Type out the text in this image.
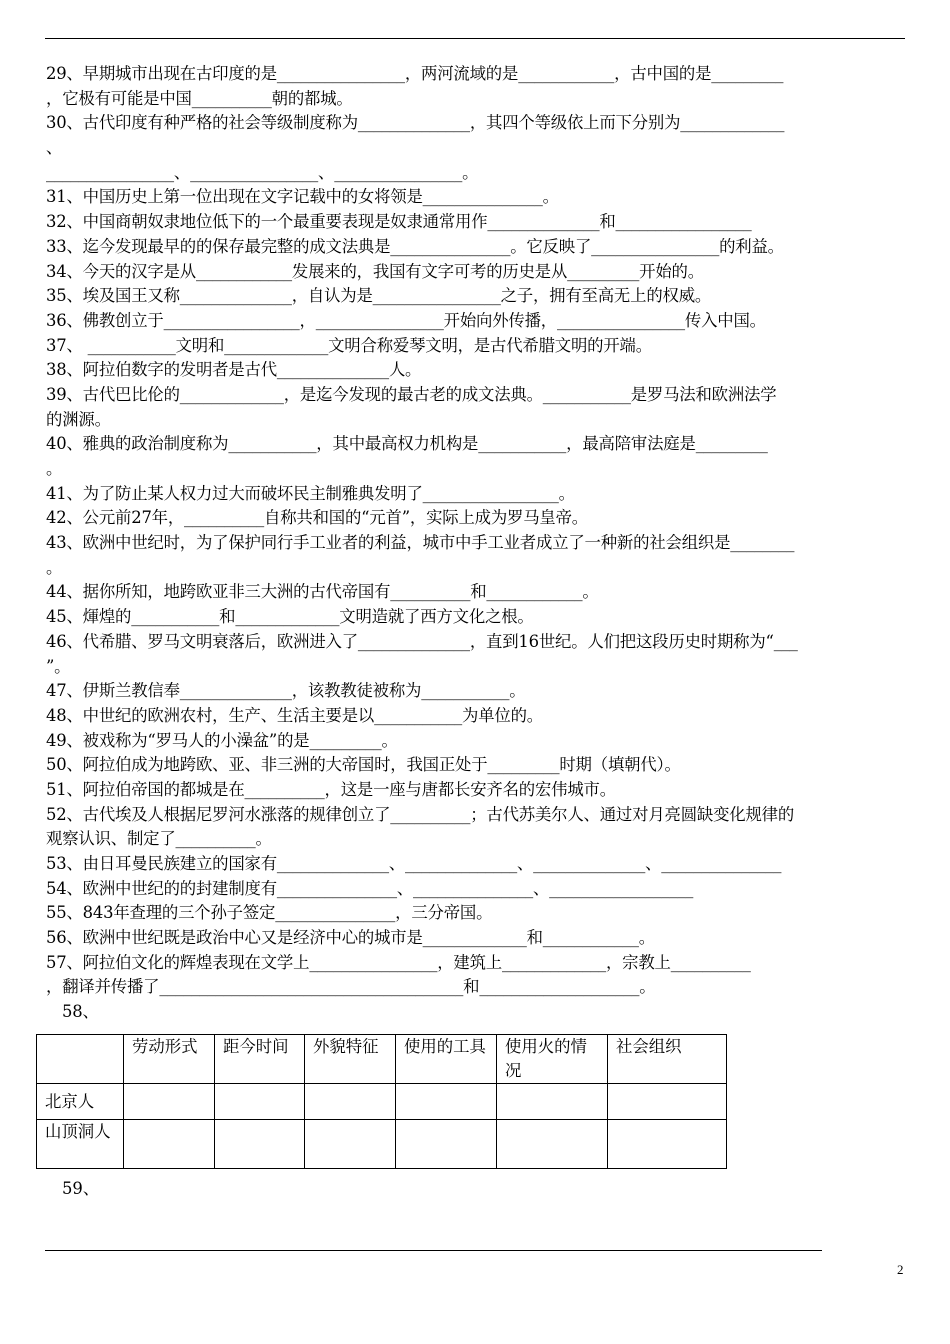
29、早期城市出现在古印度的是________________，两河流域的是____________，古中国的是_________
，它极有可能是中国__________朝的都城。
30、古代印度有种严格的社会等级制度称为______________，其四个等级依上而下分别为_____________
、
________________、________________、________________。
31、中国历史上第一位出现在文字记载中的女将领是_______________。
32、中国商朝奴隶地位低下的一个最重要表现是奴隶通常用作______________和_________________
33、迄今发现最早的的保存最完整的成文法典是_______________。它反映了________________的利益。
34、今天的汉字是从____________发展来的，我国有文字可考的历史是从_________开始的。
35、埃及国王又称______________，自认为是________________之子，拥有至高无上的权威。
36、佛教创立于_________________，________________开始向外传播，________________传入中国。
37、 ___________文明和_____________文明合称爱琴文明，是古代希腊文明的开端。
38、阿拉伯数字的发明者是古代______________人。
39、古代巴比伦的_____________，是迄今发现的最古老的成文法典。___________是罗马法和欧洲法学
的渊源。
40、雅典的政治制度称为___________，其中最高权力机构是___________，最高陪审法庭是_________
。
41、为了防止某人权力过大而破坏民主制雅典发明了_________________。
42、公元前27年，__________自称共和国的“元首”，实际上成为罗马皇帝。
43、欧洲中世纪时，为了保护同行手工业者的利益，城市中手工业者成立了一种新的社会组织是________
。
44、据你所知，地跨欧亚非三大洲的古代帝国有__________和____________。
45、煇煌的___________和_____________文明造就了西方文化之根。
46、代希腊、罗马文明衰落后，欧洲进入了______________，直到16世纪。人们把这段历史时期称为“___
”。
47、伊斯兰教信奉______________，该教教徒被称为___________。
48、中世纪的欧洲农村，生产、生活主要是以___________为单位的。
49、被戏称为“罗马人的小澡盆”的是_________。
50、阿拉伯成为地跨欧、亚、非三洲的大帝国时，我国正处于_________时期（填朝代）。
51、阿拉伯帝国的都城是在__________，这是一座与唐都长安齐名的宏伟城市。
52、古代埃及人根据尼罗河水涨落的规律创立了__________；古代苏美尔人、通过对月亮圆缺变化规律的
观察认识、制定了__________。
53、由日耳曼民族建立的国家有______________、______________、______________、_______________
54、欧洲中世纪的的封建制度有_______________、_______________、__________________
55、843年查理的三个孙子签定_______________，三分帝国。
56、欧洲中世纪既是政治中心又是经济中心的城市是_____________和____________。
57、阿拉伯文化的辉煌表现在文学上________________，建筑上_____________，宗教上__________
，翻译并传播了______________________________________和____________________。
58、
	劳动形式	距今时间	外貌特征	使用的工具	使用火的情况	社会组织
北京人						
山顶洞人						
59、
2
